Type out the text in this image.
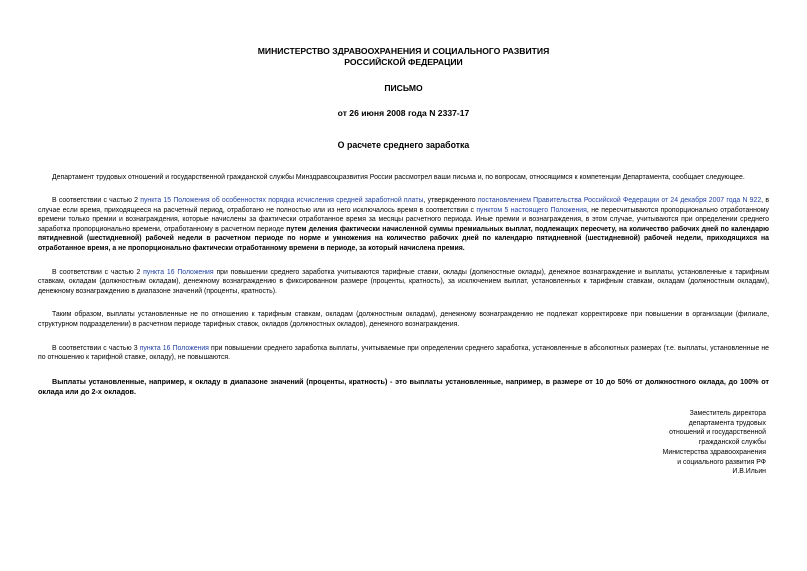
МИНИСТЕРСТВО ЗДРАВООХРАНЕНИЯ И СОЦИАЛЬНОГО РАЗВИТИЯ
РОССИЙСКОЙ ФЕДЕРАЦИИ
ПИСЬМО
от 26 июня 2008 года N 2337-17
О расчете среднего заработка

Департамент трудовых отношений и государственной гражданской службы Минздравсоцразвития России рассмотрел ваши письма и, по вопросам, относящимся к компетенции Департамента, сообщает следующее.

В соответствии с частью 2 пункта 15 Положения об особенностях порядка исчисления средней заработной платы, утвержденного постановлением Правительства Российской Федерации от 24 декабря 2007 года N 922, в случае если время, приходящееся на расчетный период, отработано не полностью или из него исключалось время в соответствии с пунктом 5 настоящего Положения, не пересчитываются пропорционально отработанному времени только премии и вознаграждения, которые начислены за фактически отработанное время за месяцы расчетного периода. Иные премии и вознаграждения, в этом случае, учитываются при определении среднего заработка пропорционально времени, отработанному в расчетном периоде путем деления фактически начисленной суммы премиальных выплат, подлежащих пересчету, на количество рабочих дней по календарю пятидневной (шестидневной) рабочей недели в расчетном периоде по норме и умножения на количество рабочих дней по календарю пятидневной (шестидневной) рабочей недели, приходящихся на отработанное время, а не пропорционально фактически отработанному времени в периоде, за который начислена премия.

В соответствии с частью 2 пункта 16 Положения при повышении среднего заработка учитываются тарифные ставки, оклады (должностные оклады), денежное вознаграждение и выплаты, установленные к тарифным ставкам, окладам (должностным окладам), денежному вознаграждению в фиксированном размере (проценты, кратность), за исключением выплат, установленных к тарифным ставкам, окладам (должностным окладам), денежному вознаграждению в диапазоне значений (проценты, кратность).

Таким образом, выплаты установленные не по отношению к тарифным ставкам, окладам (должностным окладам), денежному вознаграждению не подлежат корректировке при повышении в организации (филиале, структурном подразделении) в расчетном периоде тарифных ставок, окладов (должностных окладов), денежного вознаграждения.

В соответствии с частью 3 пункта 16 Положения при повышении среднего заработка выплаты, учитываемые при определении среднего заработка, установленные в абсолютных размерах (т.е. выплаты, установленные не по отношению к тарифной ставке, окладу), не повышаются.

Выплаты установленные, например, к окладу в диапазоне значений (проценты, кратность) - это выплаты установленные, например, в размере от 10 до 50% от должностного оклада, до 100% от оклада или до 2-х окладов.

Заместитель директора
департамента трудовых
отношений и государственной
гражданской службы
Министерства здравоохранения
и социального развития РФ
И.В.Ильин
